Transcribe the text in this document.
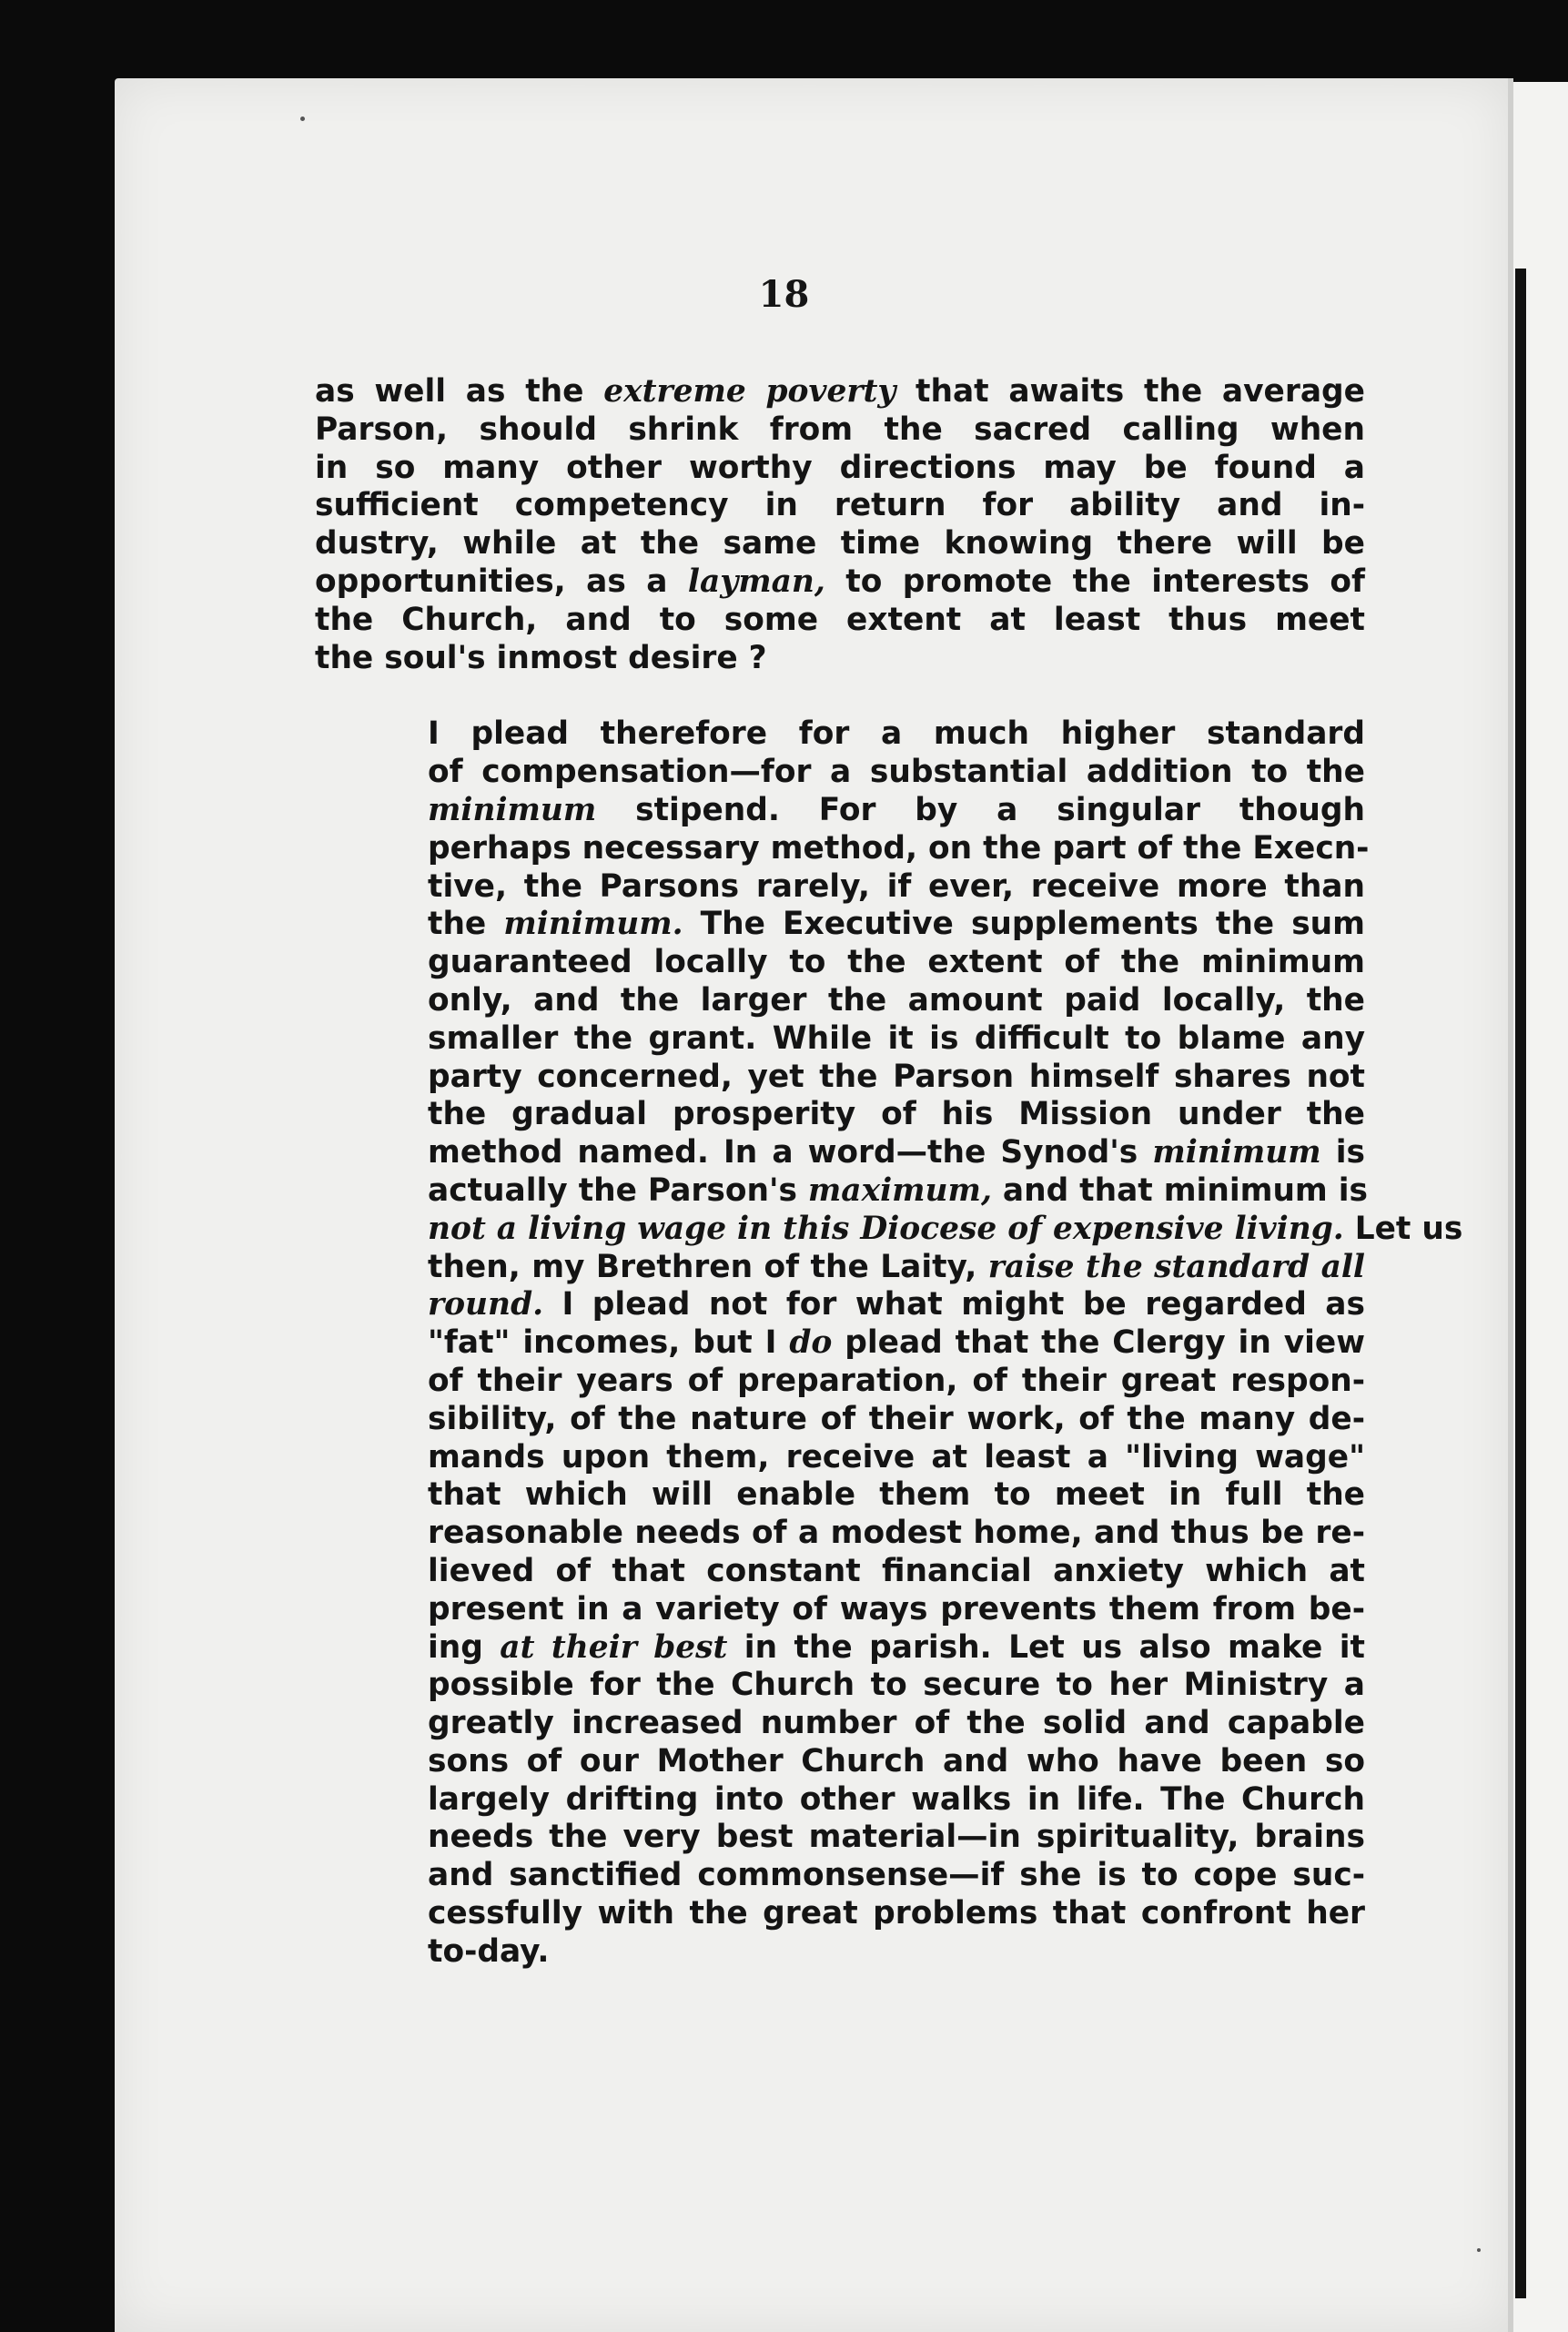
18
as well as the extreme poverty that awaits the average
Parson, should shrink from the sacred calling when
in so many other worthy directions may be found a
sufficient competency in return for ability and in-
dustry, while at the same time knowing there will be
opportunities, as a layman, to promote the interests of
the Church, and to some extent at least thus meet
the soul's inmost desire ?
I plead therefore for a much higher standard
of compensation—for a substantial addition to the
minimum stipend. For by a singular though
perhaps necessary method, on the part of the Execn-
tive, the Parsons rarely, if ever, receive more than
the minimum. The Executive supplements the sum
guaranteed locally to the extent of the minimum
only, and the larger the amount paid locally, the
smaller the grant. While it is difficult to blame any
party concerned, yet the Parson himself shares not
the gradual prosperity of his Mission under the
method named. In a word—the Synod's minimum is
actually the Parson's maximum, and that minimum is
not a living wage in this Diocese of expensive living. Let us
then, my Brethren of the Laity, raise the standard all
round. I plead not for what might be regarded as
"fat" incomes, but I do plead that the Clergy in view
of their years of preparation, of their great respon-
sibility, of the nature of their work, of the many de-
mands upon them, receive at least a "living wage"
that which will enable them to meet in full the
reasonable needs of a modest home, and thus be re-
lieved of that constant financial anxiety which at
present in a variety of ways prevents them from be-
ing at their best in the parish. Let us also make it
possible for the Church to secure to her Ministry a
greatly increased number of the solid and capable
sons of our Mother Church and who have been so
largely drifting into other walks in life. The Church
needs the very best material—in spirituality, brains
and sanctified commonsense—if she is to cope suc-
cessfully with the great problems that confront her
to-day.
